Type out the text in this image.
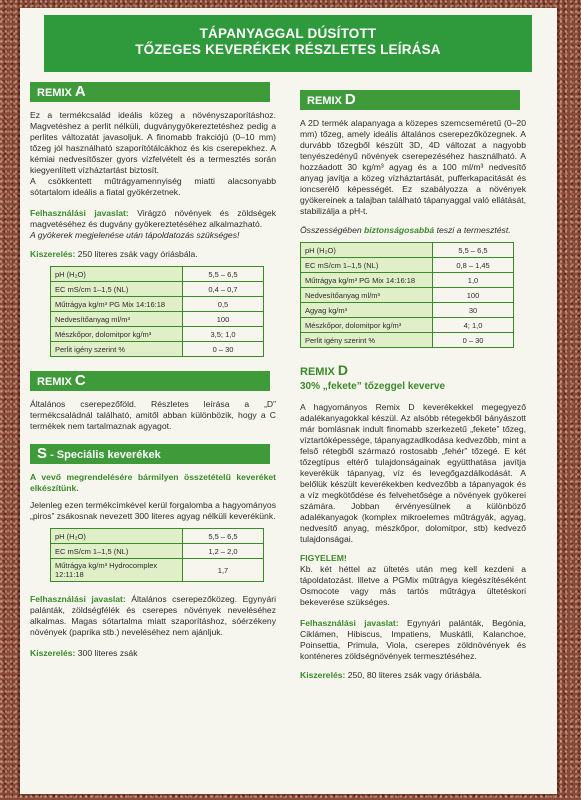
TÁPANYAGGAL DÚSÍTOTT
TŐZEGES KEVERÉKEK RÉSZLETES LEÍRÁSA
REMIX A

Ez a termékcsalád ideális közeg a növényszaporításhoz. Magvetéshez a perlit nélküli, dugványgyökereztetéshez pedig a perlites változatát javasoljuk. A finomabb frakciójú (0–10 mm) tőzeg jól használható szaporítótálcákhoz és kis cserepekhez. A kémiai nedvesítőszer gyors vízfelvételt és a termesztés során kiegyenlített vízháztartást biztosít.

A csökkentett műtrágyamennyiség miatti alacsonyabb sótartalom ideális a fiatal gyökérzetnek.

Felhasználási javaslat: Virágzó növények és zöldségek magvetéséhez és dugvány gyökereztetéséhez alkalmazható.

A gyökerek megjelenése után tápoldatozás szükséges!

Kiszerelés: 250 literes zsák vagy óriásbála.

pH (H₂O)	5,5 – 6,5
EC mS/cm 1–1,5 (NL)	0,4 – 0,7
Műtrágya kg/m³ PG Mix 14:16:18	0,5
Nedvesítőanyag ml/m³	100
Mészkőpor, dolomitpor kg/m³	3,5; 1,0
Perlit igény szerint %	0 – 30
REMIX C

Általános cserepezőföld. Részletes leírása a „D” termékcsaládnál található, amitől abban különbözik, hogy a C termékek nem tartalmaznak agyagot.

S - Speciális keverékek

A vevő megrendelésére bármilyen összetételű keveréket elkészítünk.

Jelenleg ezen termékcímkével kerül forgalomba a hagyományos „piros” zsákosnak nevezett 300 literes agyag nélküli keverékünk.

pH (H₂O)	5,5 – 6,5
EC mS/cm 1–1,5 (NL)	1,2 – 2,0
Műtrágya kg/m³ Hydrocomplex 12:11:18	1,7

Felhasználási javaslat: Általános cserepezőközeg. Egynyári palánták, zöldségfélék és cserepes növények neveléséhez alkalmas. Magas sótartalma miatt szaporításhoz, sóérzékeny növények (paprika stb.) neveléséhez nem ajánljuk.

Kiszerelés: 300 literes zsák

REMIX D

A 2D termék alapanyaga a közepes szemcseméretű (0–20 mm) tőzeg, amely ideális általános cserepezőközegnek. A durvább tőzegből készült 3D, 4D változat a nagyobb tenyészedényű növények cserepezéséhez használható. A hozzáadott 30 kg/m³ agyag és a 100 ml/m³ nedvesítő anyag javítja a közeg vízháztartását, pufferkapacitását és ioncserélő képességét. Ez szabályozza a növények gyökereinek a talajban található tápanyaggal való ellátását, stabilizálja a pH-t.

Összességében biztonságosabbá teszi a termesztést.

pH (H₂O)	5,5 – 6,5
EC mS/cm 1–1,5 (NL)	0,8 – 1,45
Műtrágya kg/m³ PG Mix 14:16:18	1,0
Nedvesítőanyag ml/m³	100
Agyag kg/m³	30
Mészkőpor, dolomitpor kg/m³	4; 1,0
Perlit igény szerint %	0 – 30
REMIX D
30% „fekete” tőzeggel keverve

A hagyományos Remix D keverékekkel megegyező adalékanyagokkal készül. Az alsóbb rétegekből bányászott már bomlásnak indult finomabb szerkezetű „fekete” tőzeg, víztartóképessége, tápanyagzadlkodása kedvezőbb, mint a felső rétegből származó rostosabb „fehér” tőzegé. E két tőzegtípus eltérő tulajdonságainak együtthatása javítja keverékük tápanyag, víz és levegőgazdálkodását. A belőlük készült keverékekben kedvezőbb a tápanyagok és a víz megkötődése és felvehetősége a növények gyökerei számára. Jobban érvényesülnek a különböző adalékanyagok (komplex mikroelemes műtrágyák, agyag, nedvesítő anyag, mészkőpor, dolomitpor, stb) kedvező tulajdonságai.

FIGYELEM!

Kb. két héttel az ültetés után meg kell kezdeni a tápoldatozást. Illetve a PGMix műtrágya kiegészítéséként Osmocote vagy más tartós műtrágya ültetéskori bekeverése szükséges.

Felhasználási javaslat: Egynyári palánták, Begónia, Ciklámen, Hibiscus, Impatiens, Muskátli, Kalanchoe, Poinsettia, Primula, Viola, cserepes zöldnövények és konténeres zöldségnövények termesztéséhez.

Kiszerelés: 250, 80 literes zsák vagy óriásbála.
